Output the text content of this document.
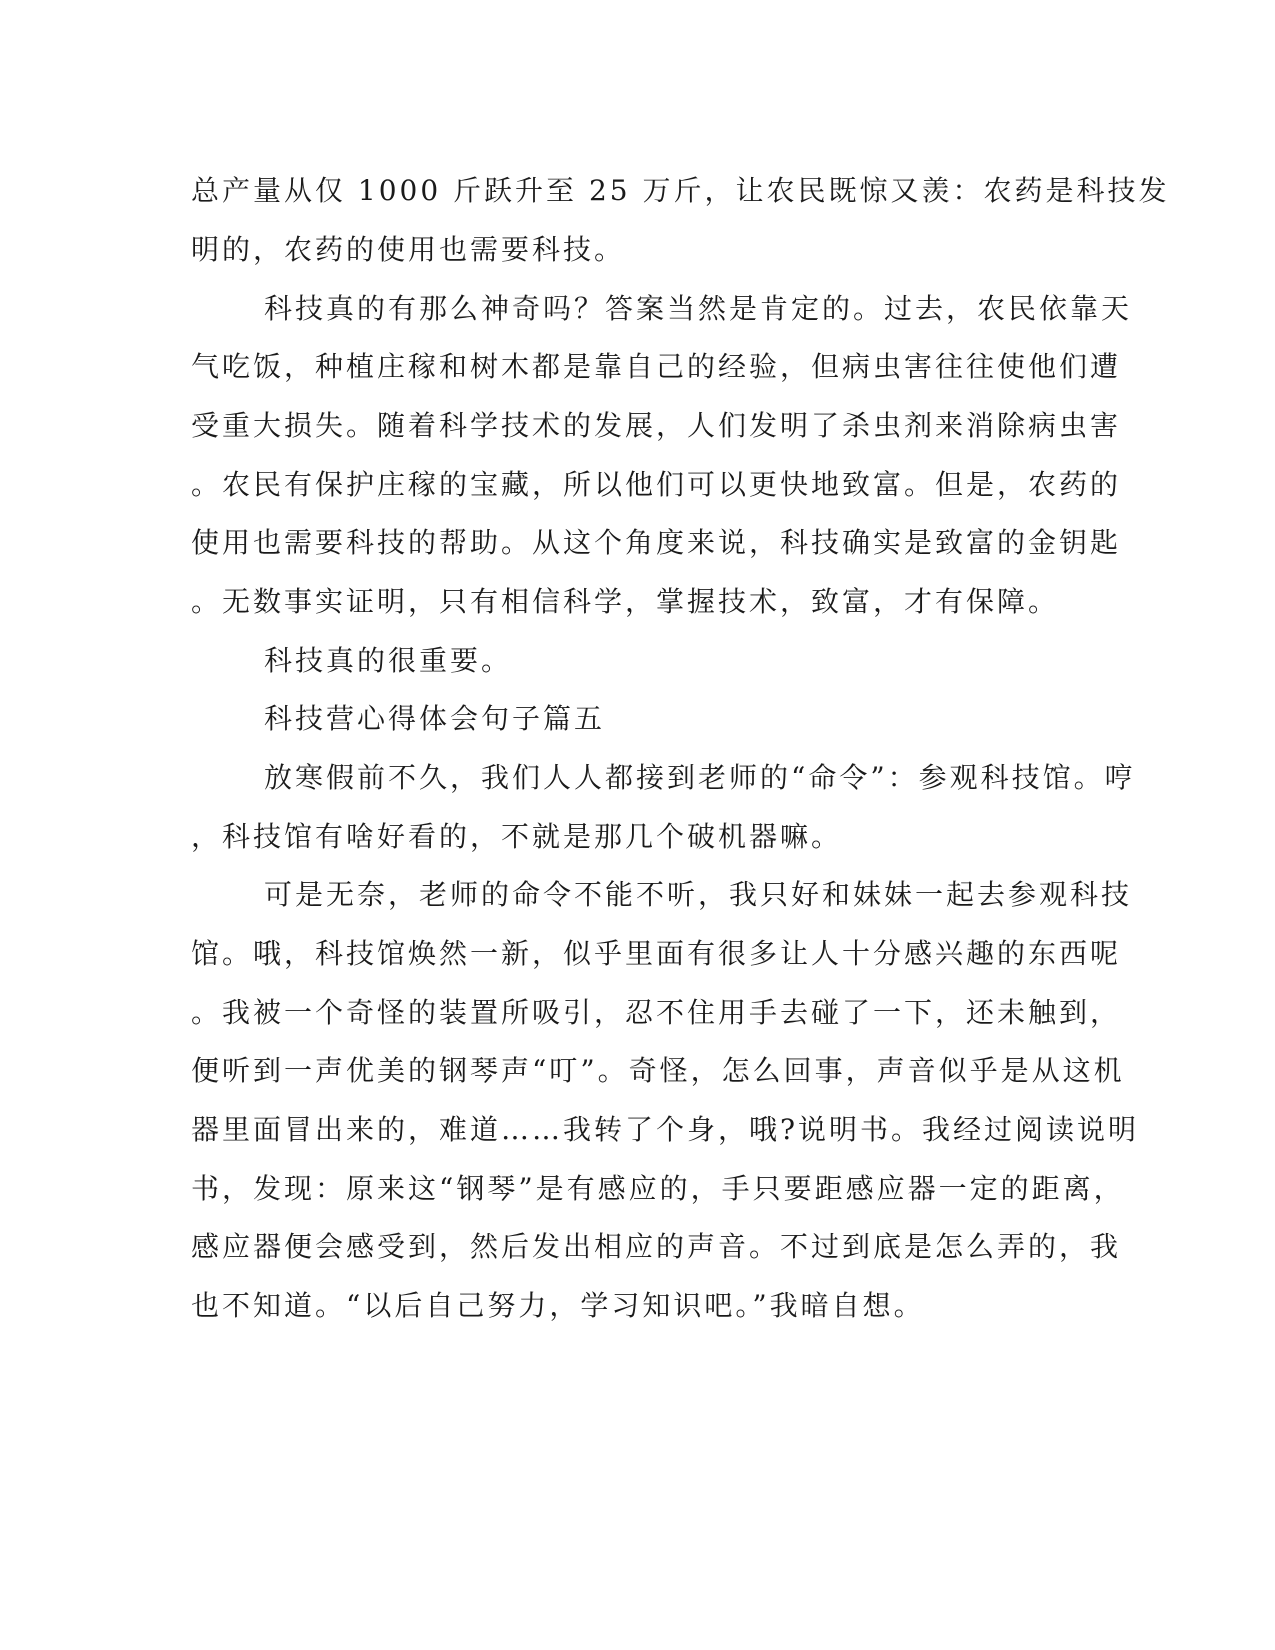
总产量从仅 1000 斤跃升至 25 万斤，让农民既惊又羡：农药是科技发
明的，农药的使用也需要科技。
科技真的有那么神奇吗？答案当然是肯定的。过去，农民依靠天
气吃饭，种植庄稼和树木都是靠自己的经验，但病虫害往往使他们遭
受重大损失。随着科学技术的发展，人们发明了杀虫剂来消除病虫害
。农民有保护庄稼的宝藏，所以他们可以更快地致富。但是，农药的
使用也需要科技的帮助。从这个角度来说，科技确实是致富的金钥匙
。无数事实证明，只有相信科学，掌握技术，致富，才有保障。
科技真的很重要。
科技营心得体会句子篇五
放寒假前不久，我们人人都接到老师的“命令”：参观科技馆。哼
，科技馆有啥好看的，不就是那几个破机器嘛。
可是无奈，老师的命令不能不听，我只好和妹妹一起去参观科技
馆。哦，科技馆焕然一新，似乎里面有很多让人十分感兴趣的东西呢
。我被一个奇怪的装置所吸引，忍不住用手去碰了一下，还未触到，
便听到一声优美的钢琴声“叮”。奇怪，怎么回事，声音似乎是从这机
器里面冒出来的，难道……我转了个身，哦?说明书。我经过阅读说明
书，发现：原来这“钢琴”是有感应的，手只要距感应器一定的距离，
感应器便会感受到，然后发出相应的声音。不过到底是怎么弄的，我
也不知道。“以后自己努力，学习知识吧。”我暗自想。
